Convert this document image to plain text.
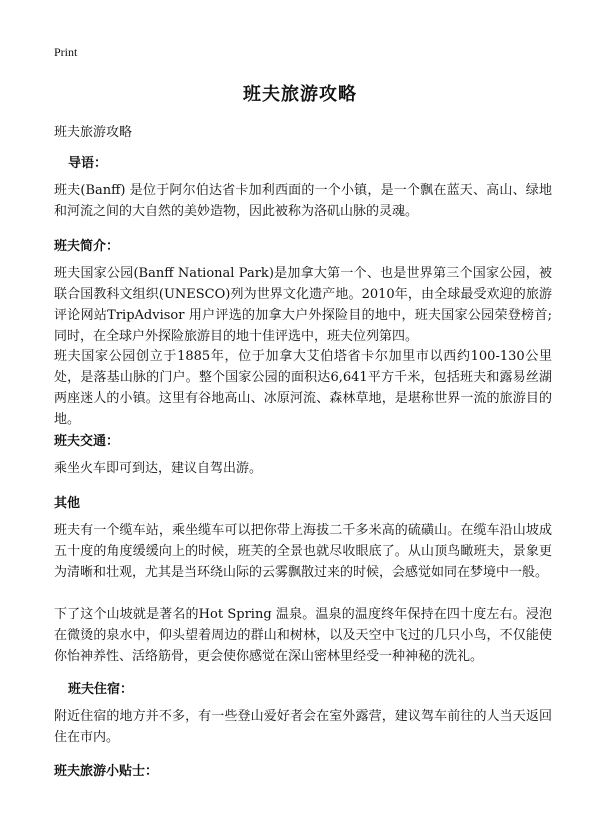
Print
班夫旅游攻略
班夫旅游攻略
导语：
班夫(Banff) 是位于阿尔伯达省卡加利西面的一个小镇，是一个飘在蓝天、高山、绿地和河流之间的大自然的美妙造物，因此被称为洛矶山脉的灵魂。
班夫简介：
班夫国家公园(Banff National Park)是加拿大第一个、也是世界第三个国家公园，被联合国教科文组织(UNESCO)列为世界文化遗产地。2010年，由全球最受欢迎的旅游评论网站TripAdvisor 用户评选的加拿大户外探险目的地中，班夫国家公园荣登榜首;同时，在全球户外探险旅游目的地十佳评选中，班夫位列第四。
班夫国家公园创立于1885年，位于加拿大艾伯塔省卡尔加里市以西约100-130公里处，是落基山脉的门户。整个国家公园的面积达6,641平方千米，包括班夫和露易丝湖两座迷人的小镇。这里有谷地高山、冰原河流、森林草地，是堪称世界一流的旅游目的地。
班夫交通：
乘坐火车即可到达，建议自驾出游。
其他
班夫有一个缆车站，乘坐缆车可以把你带上海拔二千多米高的硫磺山。在缆车沿山坡成五十度的角度缓缓向上的时候，班芙的全景也就尽收眼底了。从山顶鸟瞰班夫，景象更为清晰和壮观，尤其是当环绕山际的云雾飘散过来的时候，会感觉如同在梦境中一般。
下了这个山坡就是著名的Hot Spring 温泉。温泉的温度终年保持在四十度左右。浸泡在微烫的泉水中，仰头望着周边的群山和树林，以及天空中飞过的几只小鸟，不仅能使你怡神养性、活络筋骨，更会使你感觉在深山密林里经受一种神秘的洗礼。
班夫住宿：
附近住宿的地方并不多，有一些登山爱好者会在室外露营，建议驾车前往的人当天返回住在市内。
班夫旅游小贴士：
